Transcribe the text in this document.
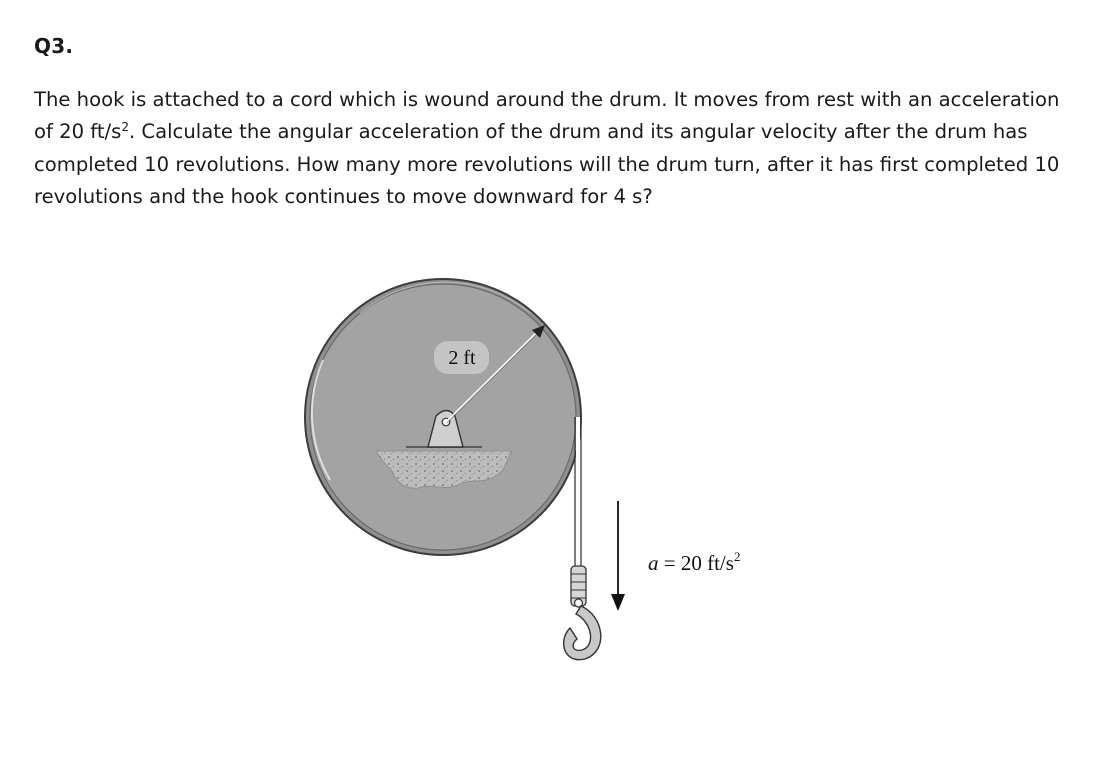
Q3.

The hook is attached to a cord which is wound around the drum. It moves from rest with an acceleration of 20 $ft/s^2$. Calculate the angular acceleration of the drum and its angular velocity after the drum has completed 10 revolutions. How many more revolutions will the drum turn, after it has first completed 10 revolutions and the hook continues to move downward for 4 s?

2 ft
a = 20 $ft/s^2$
